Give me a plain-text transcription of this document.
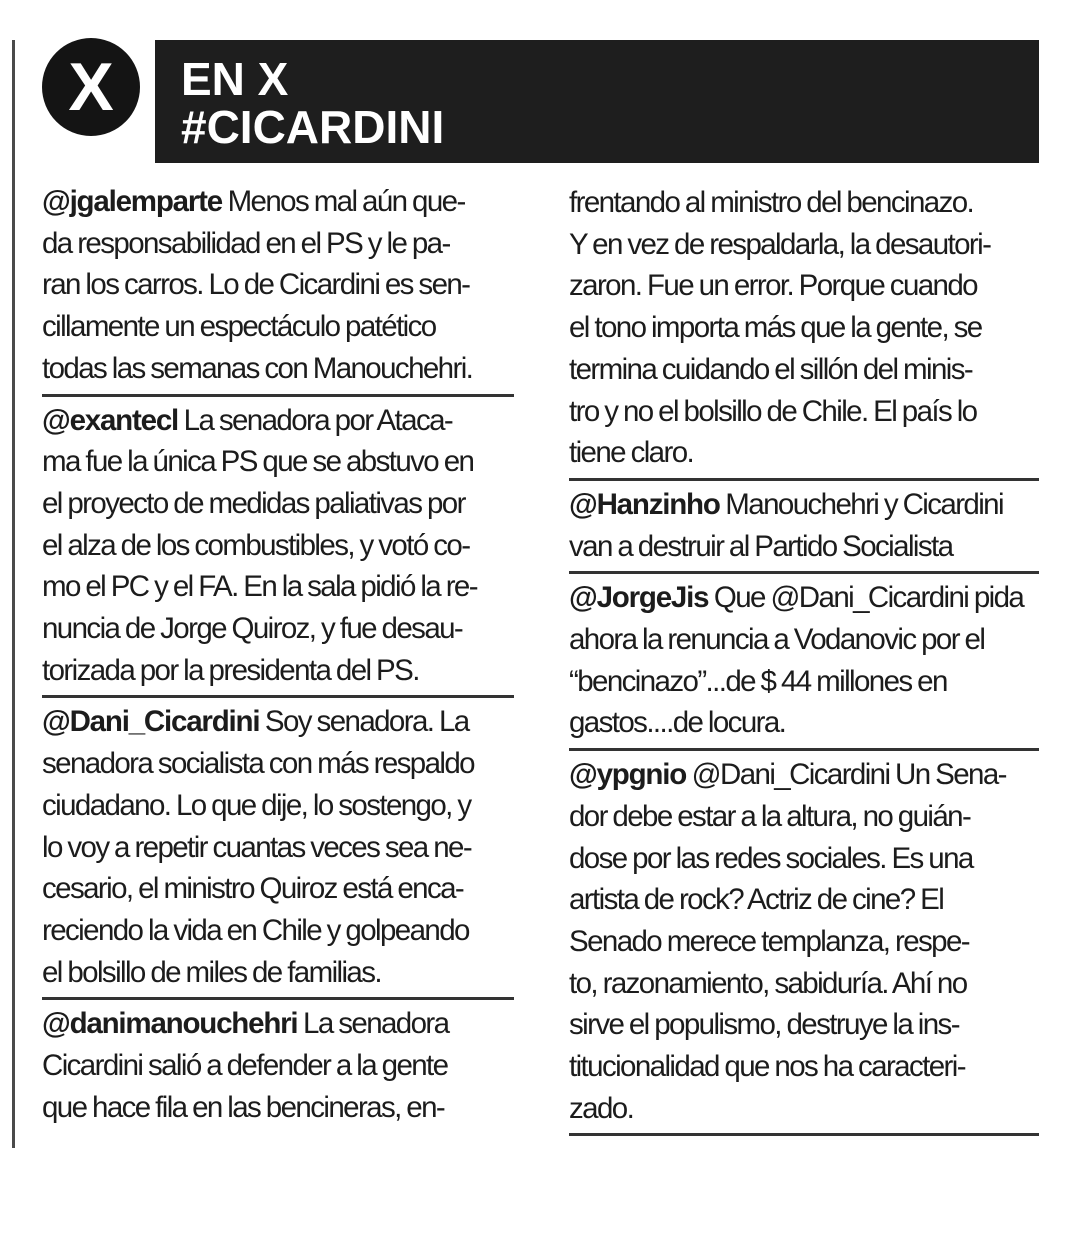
X	EN X
#CICARDINI
@jgalemparte Menos mal aún que-
da responsabilidad en el PS y le pa-
ran los carros. Lo de Cicardini es sen-
cillamente un espectáculo patético
todas las semanas con Manouchehri.
@exantecl La senadora por Ataca-
ma fue la única PS que se abstuvo en
el proyecto de medidas paliativas por
el alza de los combustibles, y votó co-
mo el PC y el FA. En la sala pidió la re-
nuncia de Jorge Quiroz, y fue desau-
torizada por la presidenta del PS.
@Dani_Cicardini Soy senadora. La
senadora socialista con más respaldo
ciudadano. Lo que dije, lo sostengo, y
lo voy a repetir cuantas veces sea ne-
cesario, el ministro Quiroz está enca-
reciendo la vida en Chile y golpeando
el bolsillo de miles de familias.
@danimanouchehri La senadora
Cicardini salió a defender a la gente
que hace fila en las bencineras, en-
frentando al ministro del bencinazo.
Y en vez de respaldarla, la desautori-
zaron. Fue un error. Porque cuando
el tono importa más que la gente, se
termina cuidando el sillón del minis-
tro y no el bolsillo de Chile. El país lo
tiene claro.
@Hanzinho Manouchehri y Cicardini
van a destruir al Partido Socialista
@JorgeJis Que @Dani_Cicardini pida
ahora la renuncia a Vodanovic por el
“bencinazo”...de $ 44 millones en
gastos....de locura.
@ypgnio @Dani_Cicardini Un Sena-
dor debe estar a la altura, no guián-
dose por las redes sociales. Es una
artista de rock? Actriz de cine? El
Senado merece templanza, respe-
to, razonamiento, sabiduría. Ahí no
sirve el populismo, destruye la ins-
titucionalidad que nos ha caracteri-
zado.
